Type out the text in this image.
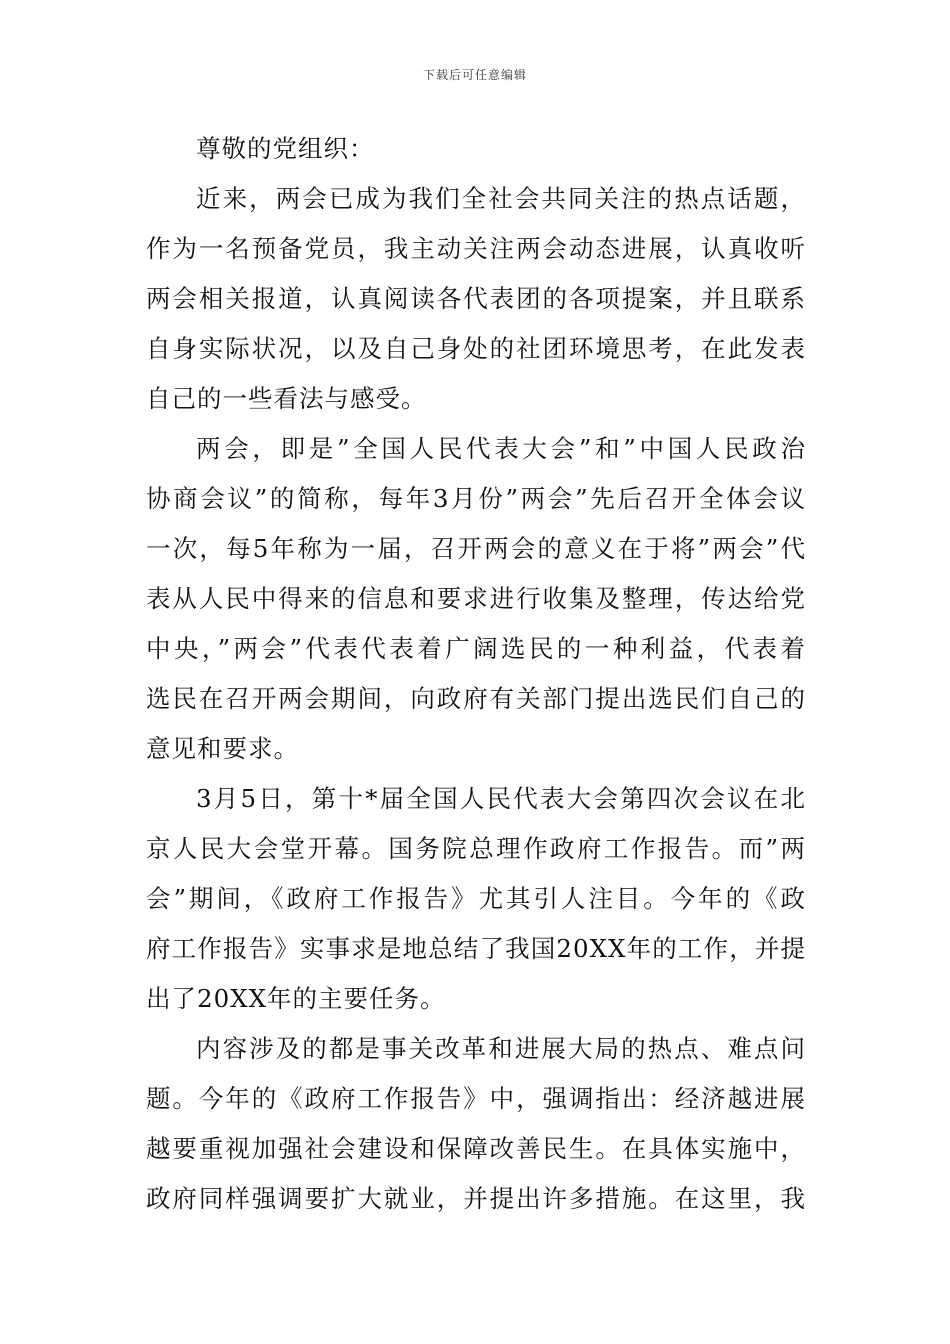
下载后可任意编辑
尊敬的党组织：
近来，两会已成为我们全社会共同关注的热点话题，
作为一名预备党员，我主动关注两会动态进展，认真收听
两会相关报道，认真阅读各代表团的各项提案，并且联系
自身实际状况，以及自己身处的社团环境思考，在此发表
自己的一些看法与感受。
两会，即是”全国人民代表大会”和”中国人民政治
协商会议”的简称，每年3月份”两会”先后召开全体会议
一次，每5年称为一届，召开两会的意义在于将”两会”代
表从人民中得来的信息和要求进行收集及整理，传达给党
中央，”两会”代表代表着广阔选民的一种利益，代表着
选民在召开两会期间，向政府有关部门提出选民们自己的
意见和要求。
3月5日，第十*届全国人民代表大会第四次会议在北
京人民大会堂开幕。国务院总理作政府工作报告。而”两
会”期间，《政府工作报告》尤其引人注目。今年的《政
府工作报告》实事求是地总结了我国20XX年的工作，并提
出了20XX年的主要任务。
内容涉及的都是事关改革和进展大局的热点、难点问
题。今年的《政府工作报告》中，强调指出：经济越进展
越要重视加强社会建设和保障改善民生。在具体实施中，
政府同样强调要扩大就业，并提出许多措施。在这里，我
